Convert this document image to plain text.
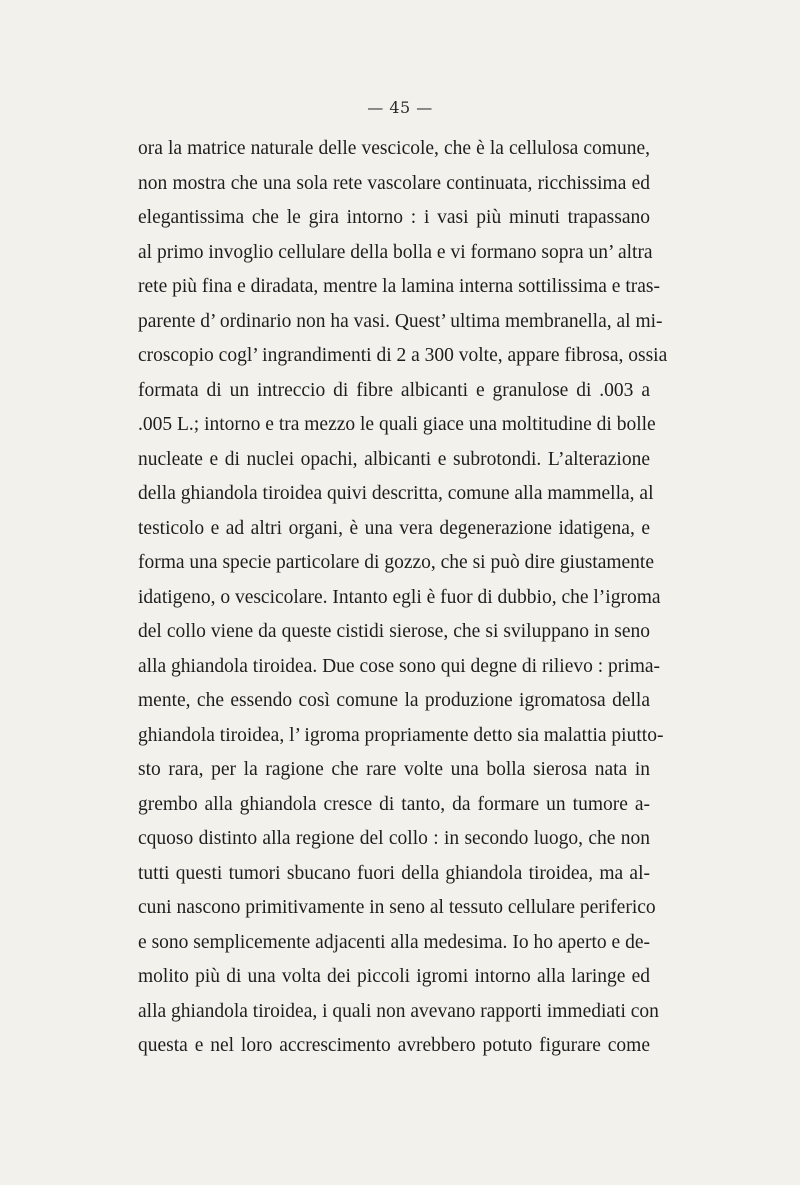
— 45 —
ora la matrice naturale delle vescicole, che è la cellulosa comune,
non mostra che una sola rete vascolare continuata, ricchissima ed
elegantissima che le gira intorno : i vasi più minuti trapassano
al primo invoglio cellulare della bolla e vi formano sopra un’ altra
rete più fina e diradata, mentre la lamina interna sottilissima e tras-
parente d’ ordinario non ha vasi. Quest’ ultima membranella, al mi-
croscopio cogl’ ingrandimenti di 2 a 300 volte, appare fibrosa, ossia
formata di un intreccio di fibre albicanti e granulose di .003 a
.005 L.; intorno e tra mezzo le quali giace una moltitudine di bolle
nucleate e di nuclei opachi, albicanti e subrotondi. L’alterazione
della ghiandola tiroidea quivi descritta, comune alla mammella, al
testicolo e ad altri organi, è una vera degenerazione idatigena, e
forma una specie particolare di gozzo, che si può dire giustamente
idatigeno, o vescicolare. Intanto egli è fuor di dubbio, che l’igroma
del collo viene da queste cistidi sierose, che si sviluppano in seno
alla ghiandola tiroidea. Due cose sono qui degne di rilievo : prima-
mente, che essendo così comune la produzione igromatosa della
ghiandola tiroidea, l’ igroma propriamente detto sia malattia piutto-
sto rara, per la ragione che rare volte una bolla sierosa nata in
grembo alla ghiandola cresce di tanto, da formare un tumore a-
cquoso distinto alla regione del collo : in secondo luogo, che non
tutti questi tumori sbucano fuori della ghiandola tiroidea, ma al-
cuni nascono primitivamente in seno al tessuto cellulare periferico
e sono semplicemente adjacenti alla medesima. Io ho aperto e de-
molito più di una volta dei piccoli igromi intorno alla laringe ed
alla ghiandola tiroidea, i quali non avevano rapporti immediati con
questa e nel loro accrescimento avrebbero potuto figurare come
